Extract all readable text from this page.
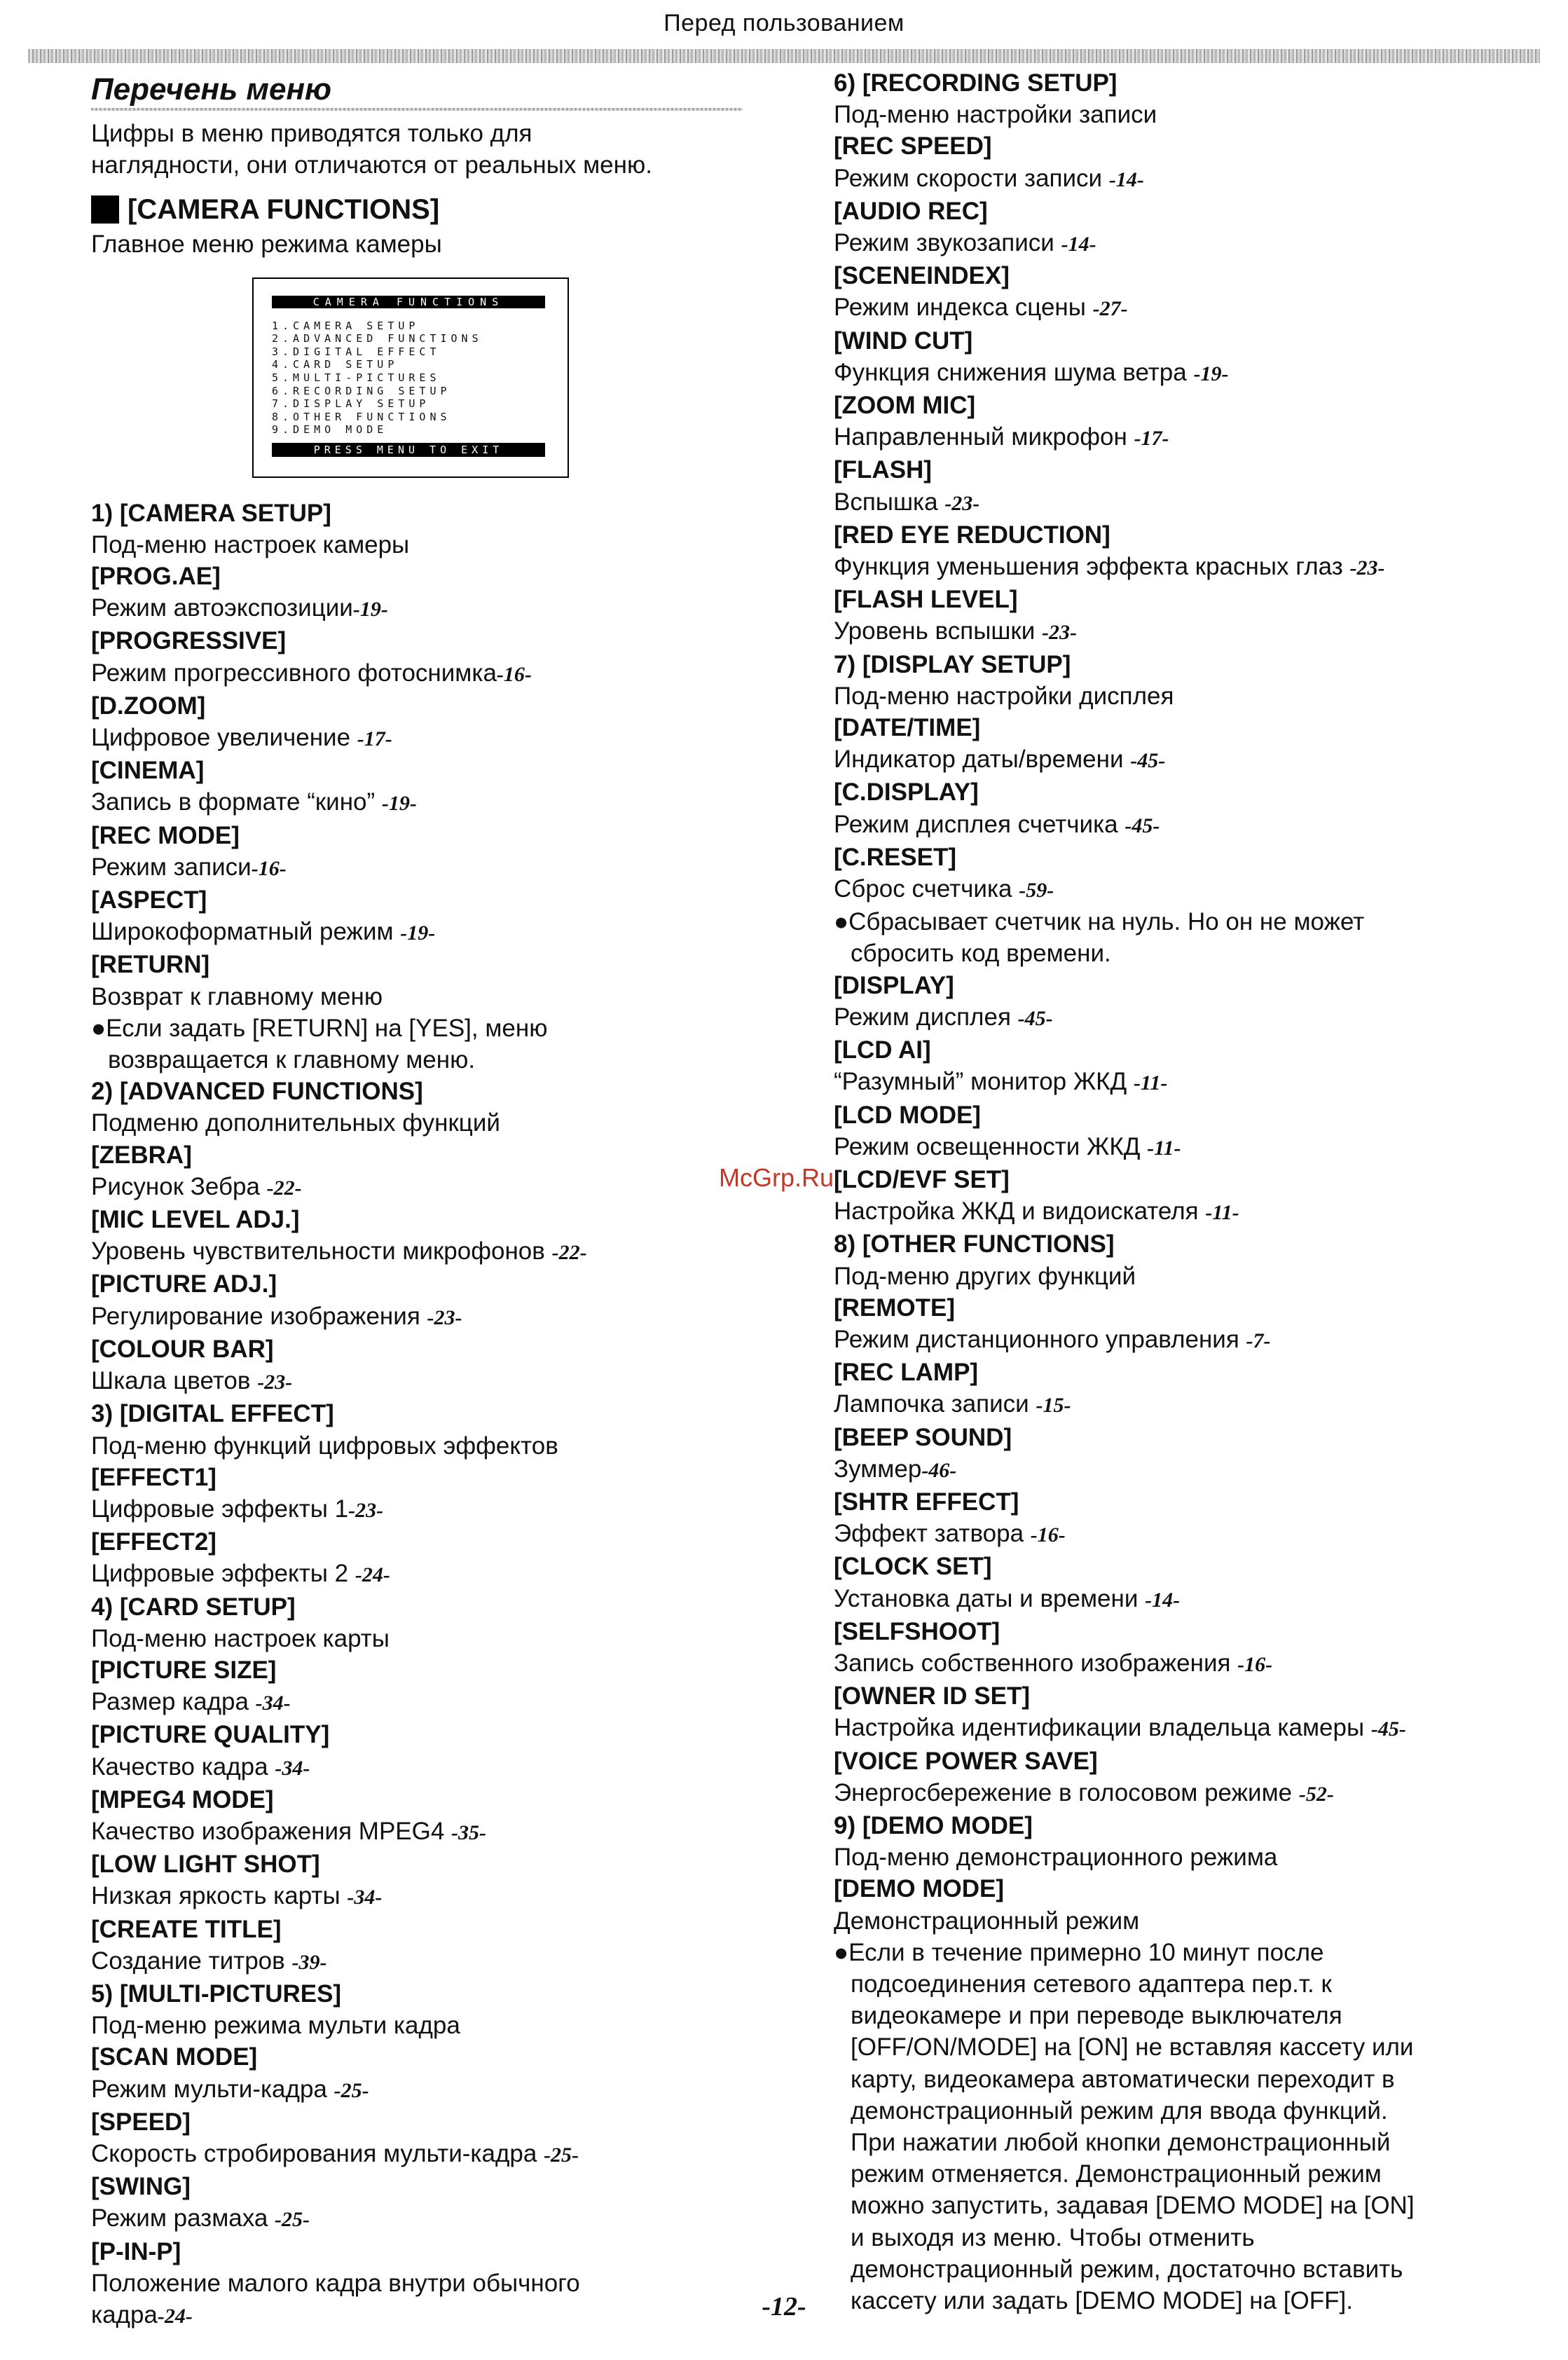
Перед пользованием
Перечень меню
Цифры в меню приводятся только для
наглядности, они отличаются от реальных меню.
[CAMERA FUNCTIONS]
Главное меню режима камеры
CAMERA FUNCTIONS
1.CAMERA SETUP
2.ADVANCED FUNCTIONS
3.DIGITAL EFFECT
4.CARD SETUP
5.MULTI-PICTURES
6.RECORDING SETUP
7.DISPLAY SETUP
8.OTHER FUNCTIONS
9.DEMO MODE
PRESS MENU TO EXIT
1) [CAMERA SETUP]
Под-меню настроек камеры
[PROG.AE]
Режим автоэкспозиции-19-
[PROGRESSIVE]
Режим прогрессивного фотоснимка-16-
[D.ZOOM]
Цифровое увеличение -17-
[CINEMA]
Запись в формате “кино” -19-
[REC MODE]
Режим записи-16-
[ASPECT]
Широкоформатный режим -19-
[RETURN]
Возврат к главному меню
●Если задать [RETURN] на [YES], меню
возвращается к главному меню.
2) [ADVANCED FUNCTIONS]
Подменю дополнительных функций
[ZEBRA]
Рисунок Зебра -22-
[MIC LEVEL ADJ.]
Уровень чувствительности микрофонов -22-
[PICTURE ADJ.]
Регулирование изображения -23-
[COLOUR BAR]
Шкала цветов -23-
3) [DIGITAL EFFECT]
Под-меню функций цифровых эффектов
[EFFECT1]
Цифровые эффекты 1-23-
[EFFECT2]
Цифровые эффекты 2 -24-
4) [CARD SETUP]
Под-меню настроек карты
[PICTURE SIZE]
Размер кадра -34-
[PICTURE QUALITY]
Качество кадра -34-
[MPEG4 MODE]
Качество изображения MPEG4 -35-
[LOW LIGHT SHOT]
Низкая яркость карты -34-
[CREATE TITLE]
Создание титров -39-
5) [MULTI-PICTURES]
Под-меню режима мульти кадра
[SCAN MODE]
Режим мульти-кадра -25-
[SPEED]
Скорость стробирования мульти-кадра -25-
[SWING]
Режим размаха -25-
[P-IN-P]
Положение малого кадра внутри обычного
кадра-24-
6) [RECORDING SETUP]
Под-меню настройки записи
[REC SPEED]
Режим скорости записи -14-
[AUDIO REC]
Режим звукозаписи -14-
[SCENEINDEX]
Режим индекса сцены -27-
[WIND CUT]
Функция снижения шума ветра -19-
[ZOOM MIC]
Направленный микрофон -17-
[FLASH]
Вспышка -23-
[RED EYE REDUCTION]
Функция уменьшения эффекта красных глаз -23-
[FLASH LEVEL]
Уровень вспышки -23-
7) [DISPLAY SETUP]
Под-меню настройки дисплея
[DATE/TIME]
Индикатор даты/времени -45-
[C.DISPLAY]
Режим дисплея счетчика -45-
[C.RESET]
Сброс счетчика -59-
●Сбрасывает счетчик на нуль. Но он не может
сбросить код времени.
[DISPLAY]
Режим дисплея -45-
[LCD AI]
“Разумный” монитор ЖКД -11-
[LCD MODE]
Режим освещенности ЖКД -11-
[LCD/EVF SET]
Настройка ЖКД и видоискателя -11-
8) [OTHER FUNCTIONS]
Под-меню других функций
[REMOTE]
Режим дистанционного управления -7-
[REC LAMP]
Лампочка записи -15-
[BEEP SOUND]
Зуммер-46-
[SHTR EFFECT]
Эффект затвора -16-
[CLOCK SET]
Установка даты и времени -14-
[SELFSHOOT]
Запись собственного изображения -16-
[OWNER ID SET]
Настройка идентификации владельца камеры -45-
[VOICE POWER SAVE]
Энергосбережение в голосовом режиме -52-
9) [DEMO MODE]
Под-меню демонстрационного режима
[DEMO MODE]
Демонстрационный режим
●Если в течение примерно 10 минут после
подсоединения сетевого адаптера пер.т. к
видеокамере и при переводе выключателя
[OFF/ON/MODE] на [ON] не вставляя кассету или
карту, видеокамера автоматически переходит в
демонстрационный режим для ввода функций.
При нажатии любой кнопки демонстрационный
режим отменяется. Демонстрационный режим
можно запустить, задавая [DEMO MODE] на [ON]
и выходя из меню. Чтобы отменить
демонстрационный режим, достаточно вставить
кассету или задать [DEMO MODE] на [OFF].
McGrp.Ru
-12-
